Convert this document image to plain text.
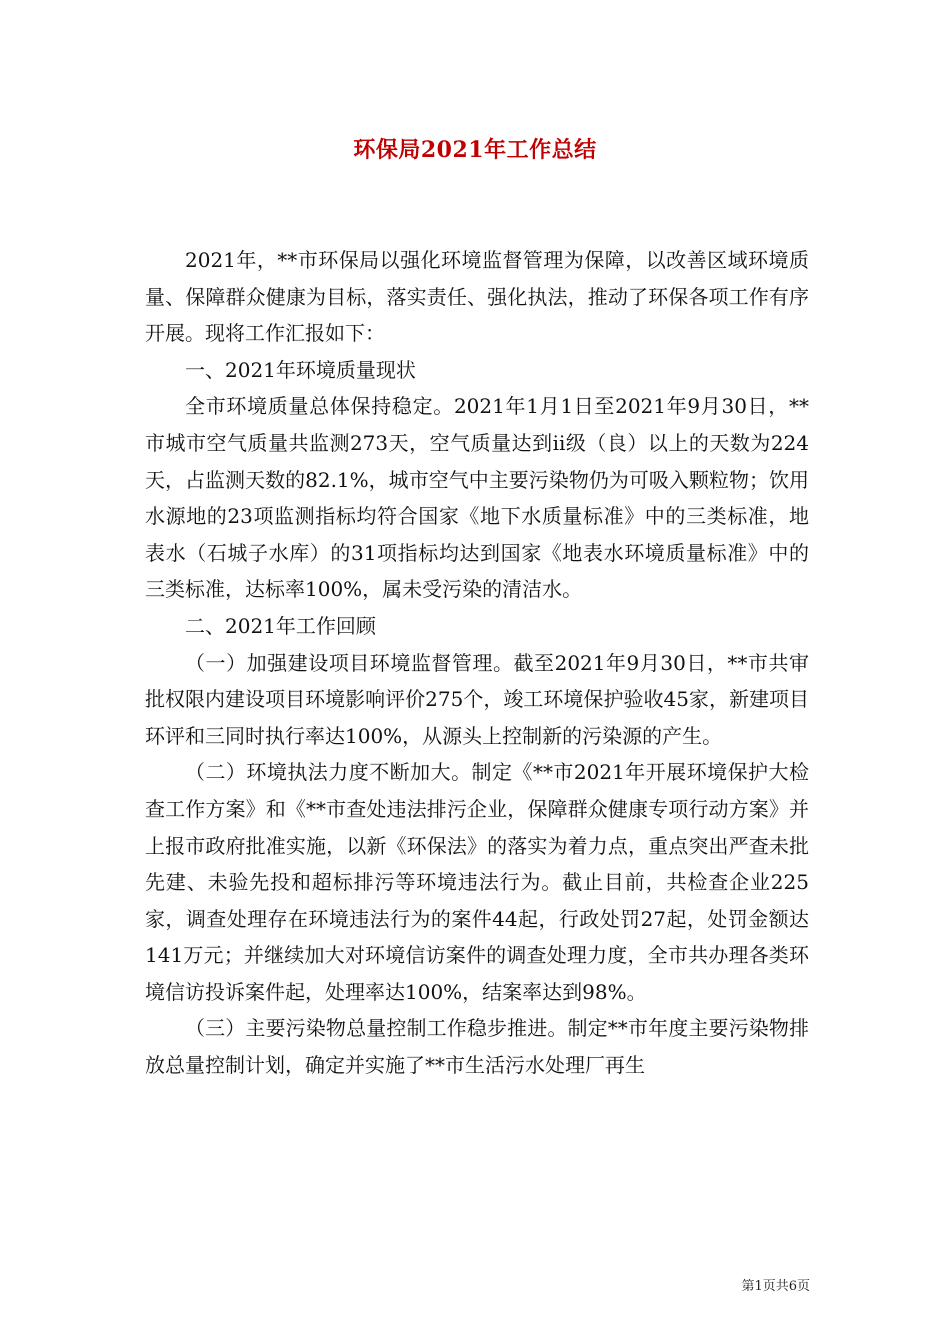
环保局2021年工作总结

2021年，**市环保局以强化环境监督管理为保障，以改善区域环境质量、保障群众健康为目标，落实责任、强化执法，推动了环保各项工作有序开展。现将工作汇报如下：

一、2021年环境质量现状

全市环境质量总体保持稳定。2021年1月1日至2021年9月30日，**市城市空气质量共监测273天，空气质量达到ii级（良）以上的天数为224天，占监测天数的82.1%，城市空气中主要污染物仍为可吸入颗粒物；饮用水源地的23项监测指标均符合国家《地下水质量标准》中的三类标准，地表水（石城子水库）的31项指标均达到国家《地表水环境质量标准》中的三类标准，达标率100%，属未受污染的清洁水。

二、2021年工作回顾

（一）加强建设项目环境监督管理。截至2021年9月30日，**市共审批权限内建设项目环境影响评价275个，竣工环境保护验收45家，新建项目环评和三同时执行率达100%，从源头上控制新的污染源的产生。

（二）环境执法力度不断加大。制定《**市2021年开展环境保护大检查工作方案》和《**市查处违法排污企业，保障群众健康专项行动方案》并上报市政府批准实施，以新《环保法》的落实为着力点，重点突出严查未批先建、未验先投和超标排污等环境违法行为。截止目前，共检查企业225家，调查处理存在环境违法行为的案件44起，行政处罚27起，处罚金额达141万元；并继续加大对环境信访案件的调查处理力度，全市共办理各类环境信访投诉案件起，处理率达100%，结案率达到98%。

（三）主要污染物总量控制工作稳步推进。制定**市年度主要污染物排放总量控制计划，确定并实施了**市生活污水处理厂再生

第1页共6页
